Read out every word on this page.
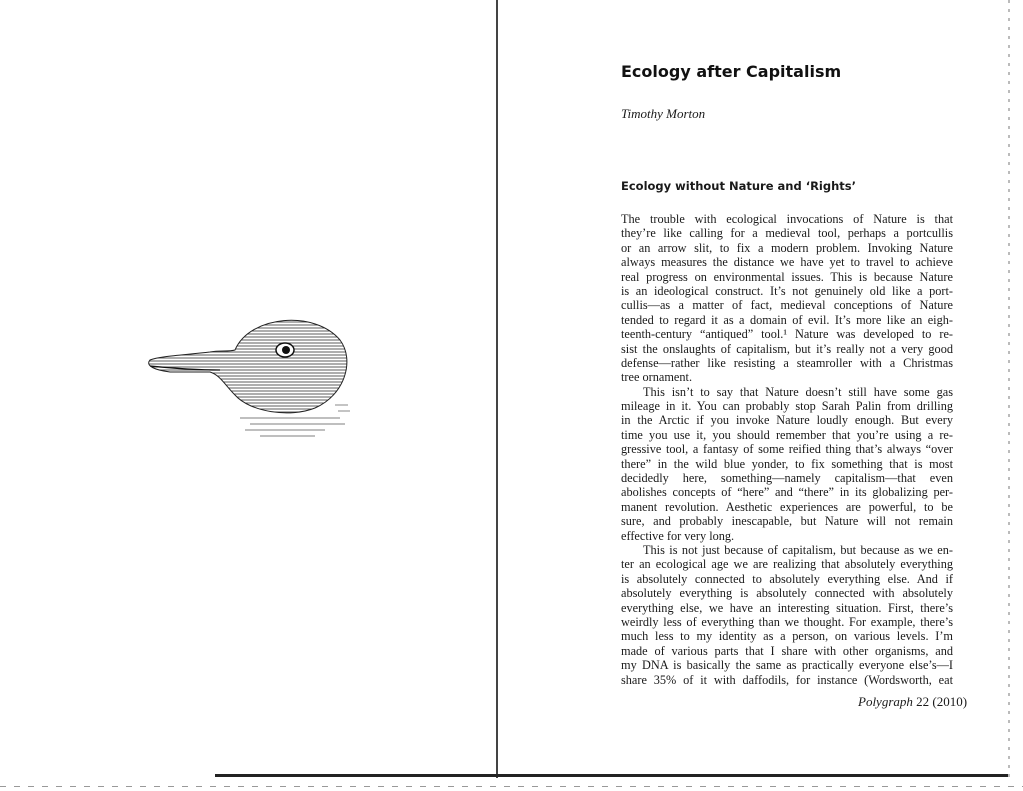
Ecology after Capitalism
Timothy Morton
Ecology without Nature and ‘Rights’
The trouble with ecological invocations of Nature is that
they’re like calling for a medieval tool, perhaps a portcullis
or an arrow slit, to fix a modern problem. Invoking Nature
always measures the distance we have yet to travel to achieve
real progress on environmental issues. This is because Nature
is an ideological construct. It’s not genuinely old like a port-
cullis—as a matter of fact, medieval conceptions of Nature
tended to regard it as a domain of evil. It’s more like an eigh-
teenth-century “antiqued” tool.¹ Nature was developed to re-
sist the onslaughts of capitalism, but it’s really not a very good
defense—rather like resisting a steamroller with a Christmas
tree ornament.
This isn’t to say that Nature doesn’t still have some gas
mileage in it. You can probably stop Sarah Palin from drilling
in the Arctic if you invoke Nature loudly enough. But every
time you use it, you should remember that you’re using a re-
gressive tool, a fantasy of some reified thing that’s always “over
there” in the wild blue yonder, to fix something that is most
decidedly here, something—namely capitalism—that even
abolishes concepts of “here” and “there” in its globalizing per-
manent revolution. Aesthetic experiences are powerful, to be
sure, and probably inescapable, but Nature will not remain
effective for very long.
This is not just because of capitalism, but because as we en-
ter an ecological age we are realizing that absolutely everything
is absolutely connected to absolutely everything else. And if
absolutely everything is absolutely connected with absolutely
everything else, we have an interesting situation. First, there’s
weirdly less of everything than we thought. For example, there’s
much less to my identity as a person, on various levels. I’m
made of various parts that I share with other organisms, and
my DNA is basically the same as practically everyone else’s—I
share 35% of it with daffodils, for instance (Wordsworth, eat
Polygraph 22 (2010)
